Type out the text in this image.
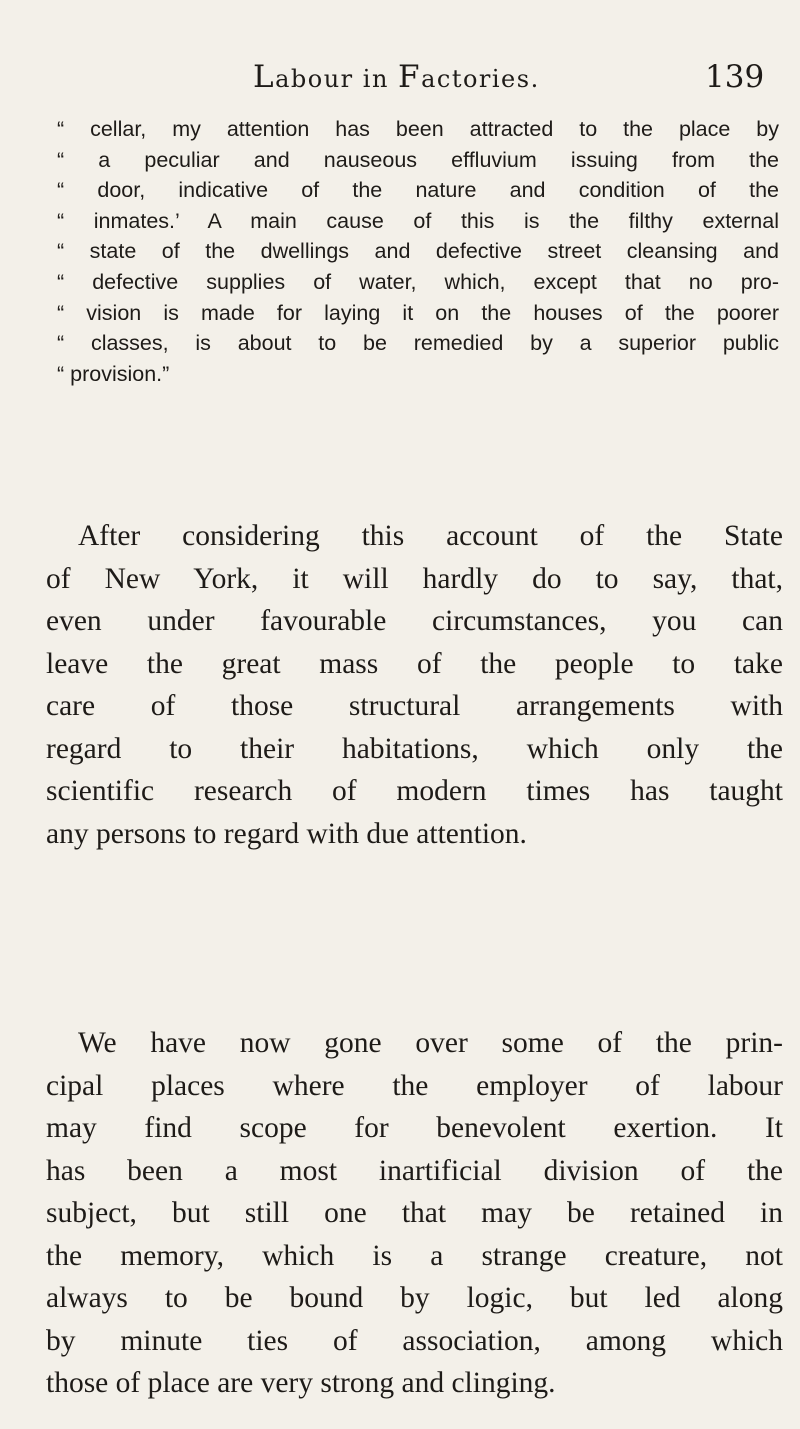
Labour in Factories.	139
“ cellar, my attention has been attracted to the place by
“ a peculiar and nauseous effluvium issuing from the
“ door, indicative of the nature and condition of the
“ inmates.’ A main cause of this is the filthy external
“ state of the dwellings and defective street cleansing and
“ defective supplies of water, which, except that no pro-
“ vision is made for laying it on the houses of the poorer
“ classes, is about to be remedied by a superior public
“ provision.”
After considering this account of the State
of New York, it will hardly do to say, that,
even under favourable circumstances, you can
leave the great mass of the people to take
care of those structural arrangements with
regard to their habitations, which only the
scientific research of modern times has taught
any persons to regard with due attention.
We have now gone over some of the prin-
cipal places where the employer of labour
may find scope for benevolent exertion. It
has been a most inartificial division of the
subject, but still one that may be retained in
the memory, which is a strange creature, not
always to be bound by logic, but led along
by minute ties of association, among which
those of place are very strong and clinging.
